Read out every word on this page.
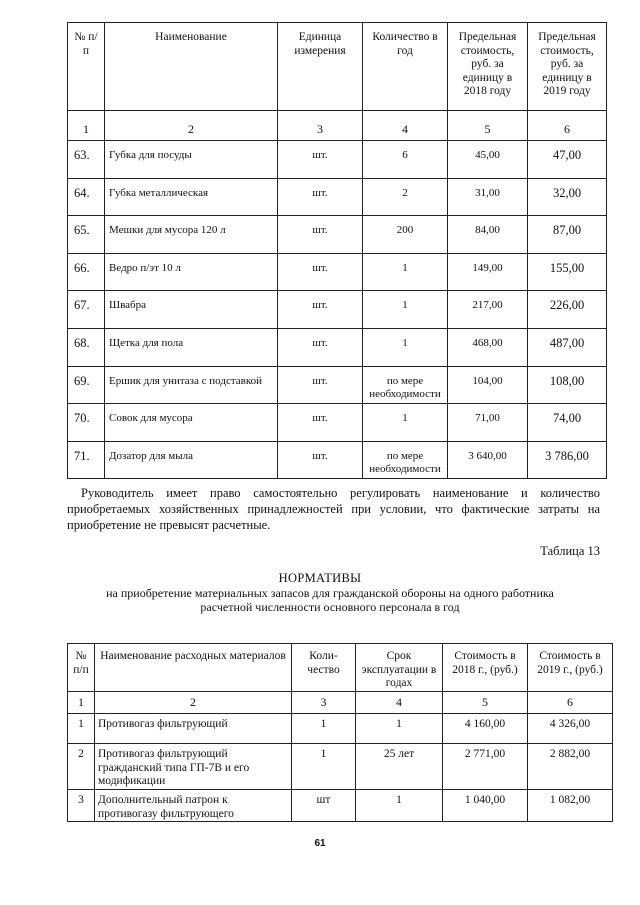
№ п/п	Наименование	Единица измерения	Количество в год	Предельная стоимость, руб. за единицу в 2018 году	Предельная стоимость, руб. за единицу в 2019 году
1	2	3	4	5	6
63.	Губка для посуды	шт.	6	45,00	47,00
64.	Губка металлическая	шт.	2	31,00	32,00
65.	Мешки для мусора 120 л	шт.	200	84,00	87,00
66.	Ведро п/эт 10 л	шт.	1	149,00	155,00
67.	Швабра	шт.	1	217,00	226,00
68.	Щетка для пола	шт.	1	468,00	487,00
69.	Ершик для унитаза с подставкой	шт.	по мере необходимости	104,00	108,00
70.	Совок для мусора	шт.	1	71,00	74,00
71.	Дозатор для мыла	шт.	по мере необходимости	3 640,00	3 786,00

Руководитель имеет право самостоятельно регулировать наименование и количество приобретаемых хозяйственных принадлежностей при условии, что фактические затраты на приобретение не превысят расчетные.

Таблица 13

НОРМАТИВЫ

на приобретение материальных запасов для гражданской обороны на одного работника расчетной численности основного персонала в год

№ п/п	Наименование расходных материалов	Коли-чество	Срок эксплуатации в годах	Стоимость в 2018 г., (руб.)	Стоимость в 2019 г., (руб.)
1	2	3	4	5	6
1	Противогаз фильтрующий	1	1	4 160,00	4 326,00
2	Противогаз фильтрующий гражданский типа ГП-7В и его модификации	1	25 лет	2 771,00	2 882,00
3	Дополнительный патрон к противогазу фильтрующего	шт	1	1 040,00	1 082,00

61
